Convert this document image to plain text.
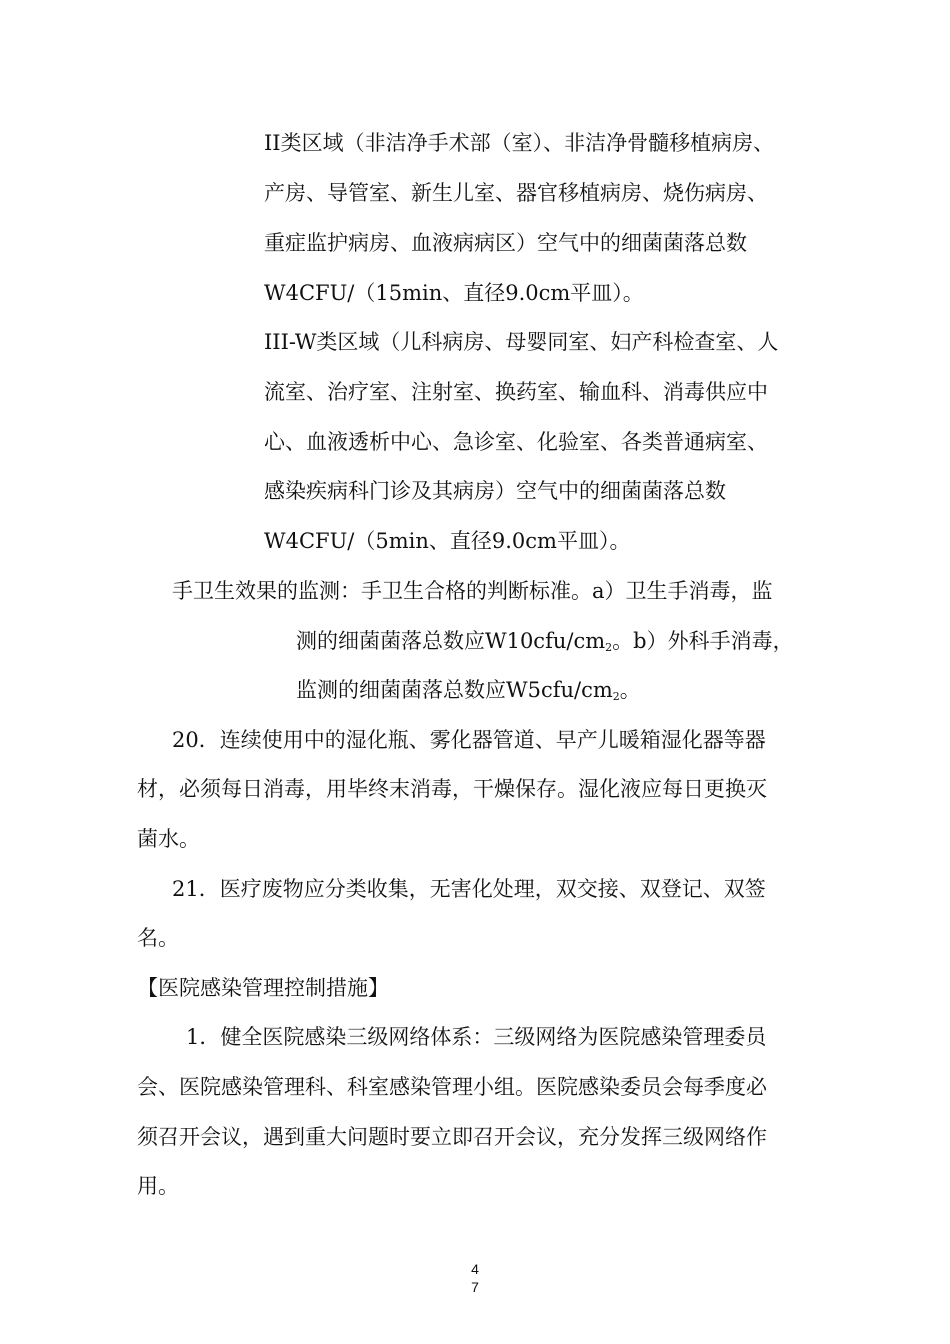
II类区域（非洁净手术部（室）、非洁净骨髓移植病房、
产房、导管室、新生儿室、器官移植病房、烧伤病房、
重症监护病房、血液病病区）空气中的细菌菌落总数
W4CFU/（15min、直径9.0cm平皿）。
III-W类区域（儿科病房、母婴同室、妇产科检查室、人
流室、治疗室、注射室、换药室、输血科、消毒供应中
心、血液透析中心、急诊室、化验室、各类普通病室、
感染疾病科门诊及其病房）空气中的细菌菌落总数
W4CFU/（5min、直径9.0cm平皿）。
手卫生效果的监测：手卫生合格的判断标准。a）卫生手消毒，监
测的细菌菌落总数应$W10cfu/cm_2$。b）外科手消毒，
监测的细菌菌落总数应$W5cfu/cm_2$。
20．连续使用中的湿化瓶、雾化器管道、早产儿暖箱湿化器等器
材，必须每日消毒，用毕终末消毒，干燥保存。湿化液应每日更换灭
菌水。
21．医疗废物应分类收集，无害化处理，双交接、双登记、双签
名。
【医院感染管理控制措施】
1．健全医院感染三级网络体系：三级网络为医院感染管理委员
会、医院感染管理科、科室感染管理小组。医院感染委员会每季度必
须召开会议，遇到重大问题时要立即召开会议，充分发挥三级网络作
用。
4
7
